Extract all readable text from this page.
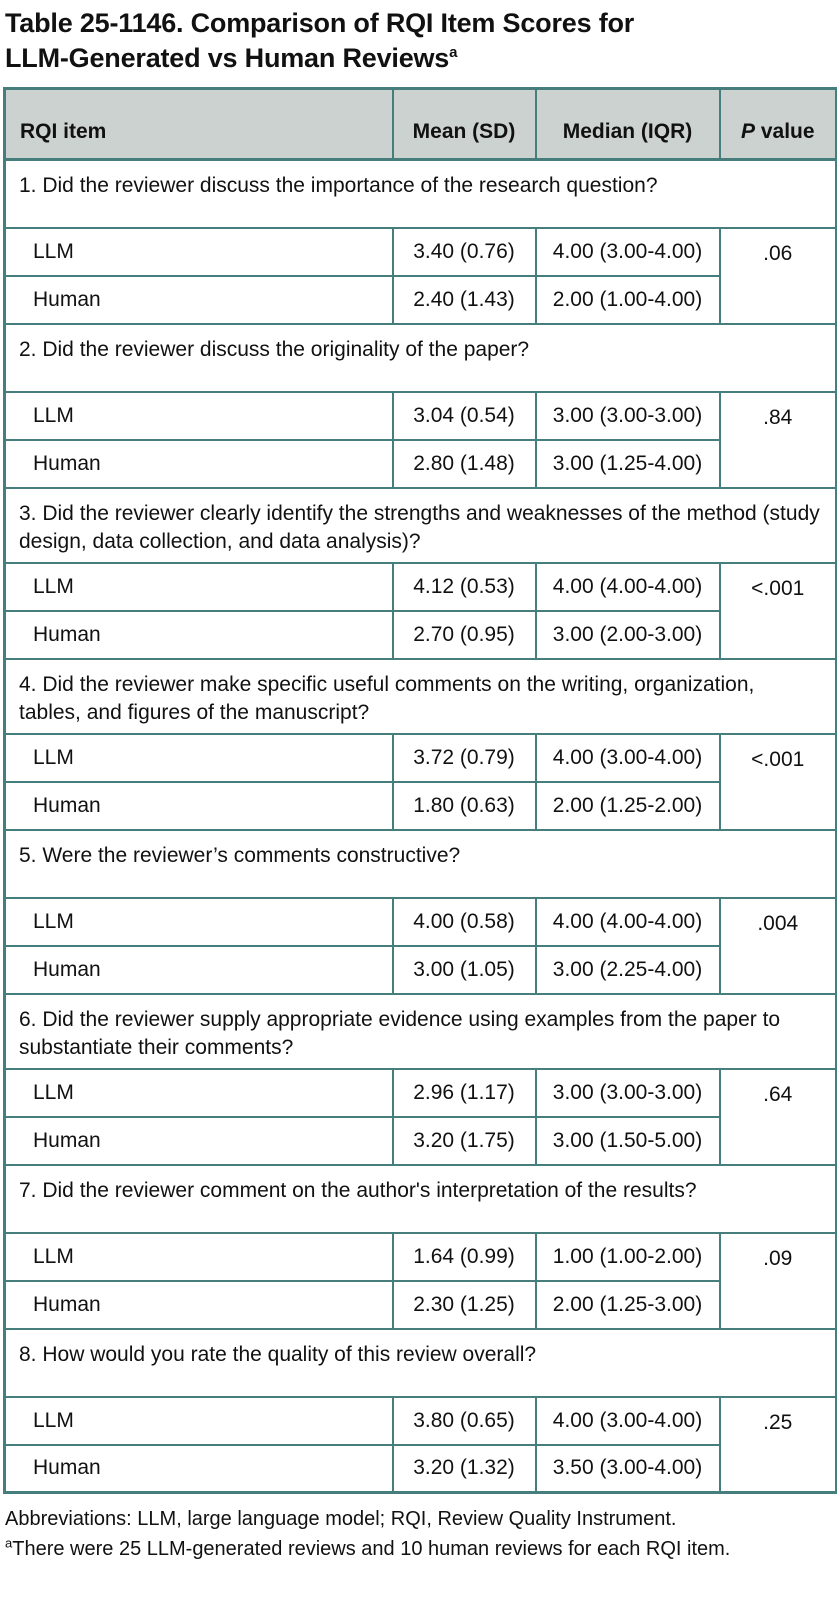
Table 25-1146. Comparison of RQI Item Scores for
LLM-Generated vs Human Reviews$^a$
RQI item	Mean (SD)	Median (IQR)	P value
1. Did the reviewer discuss the importance of the research question?			
LLM	3.40 (0.76)	4.00 (3.00-4.00)	.06
Human	2.40 (1.43)	2.00 (1.00-4.00)	
2. Did the reviewer discuss the originality of the paper?			
LLM	3.04 (0.54)	3.00 (3.00-3.00)	.84
Human	2.80 (1.48)	3.00 (1.25-4.00)	
3. Did the reviewer clearly identify the strengths and weaknesses of the method (study design, data collection, and data analysis)?			
LLM	4.12 (0.53)	4.00 (4.00-4.00)	<.001
Human	2.70 (0.95)	3.00 (2.00-3.00)	
4. Did the reviewer make specific useful comments on the writing, organization, tables, and figures of the manuscript?			
LLM	3.72 (0.79)	4.00 (3.00-4.00)	<.001
Human	1.80 (0.63)	2.00 (1.25-2.00)	
5. Were the reviewer’s comments constructive?			
LLM	4.00 (0.58)	4.00 (4.00-4.00)	.004
Human	3.00 (1.05)	3.00 (2.25-4.00)	
6. Did the reviewer supply appropriate evidence using examples from the paper to substantiate their comments?			
LLM	2.96 (1.17)	3.00 (3.00-3.00)	.64
Human	3.20 (1.75)	3.00 (1.50-5.00)	
7. Did the reviewer comment on the author's interpretation of the results?			
LLM	1.64 (0.99)	1.00 (1.00-2.00)	.09
Human	2.30 (1.25)	2.00 (1.25-3.00)	
8. How would you rate the quality of this review overall?			
LLM	3.80 (0.65)	4.00 (3.00-4.00)	.25
Human	3.20 (1.32)	3.50 (3.00-4.00)	
Abbreviations: LLM, large language model; RQI, Review Quality Instrument.
$^a$There were 25 LLM-generated reviews and 10 human reviews for each RQI item.
